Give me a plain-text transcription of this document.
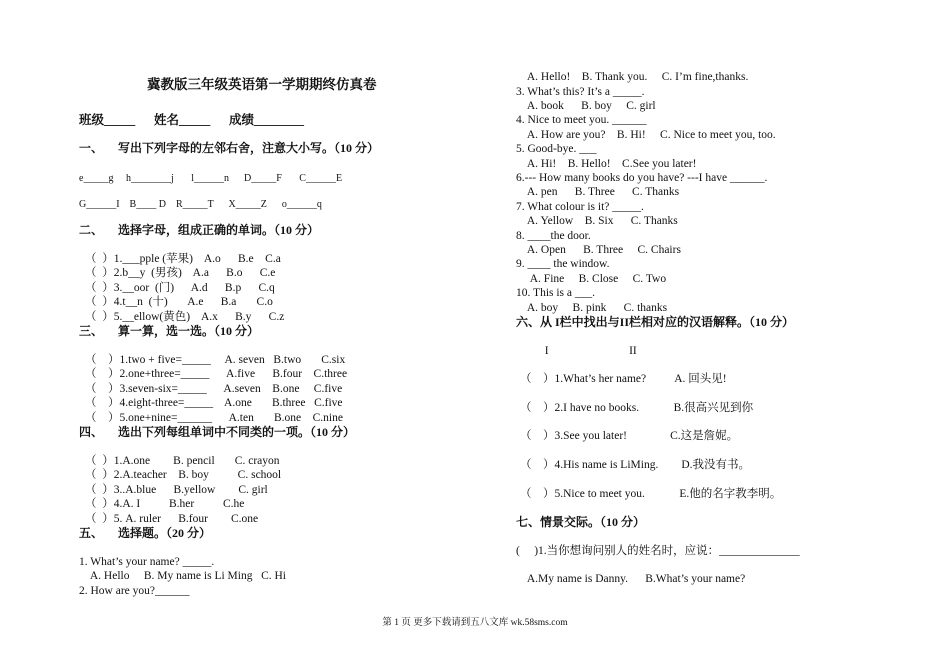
冀教版三年级英语第一学期期终仿真卷
班级_____      姓名_____      成绩________
一、     写出下列字母的左邻右舍，注意大小写。（10 分）
e_____g     h________j       l______n      D_____F       C______E
G______I    B____ D    R_____T      X_____Z      o______q
二、     选择字母，组成正确的单词。（10 分）
（  ）1.___pple (苹果)    A.o      B.e    C.a
（  ）2.b__y  (男孩)    A.a      B.o      C.e
（  ）3.__oor  (门)      A.d      B.p      C.q
（  ）4.t__n  (十)       A.e      B.a       C.o
（  ）5.__ellow(黄色)    A.x      B.y      C.z
三、     算一算，选一选。（10 分）
（    ）1.two + five=_____     A. seven   B.two       C.six
（    ）2.one+three=_____      A.five      B.four    C.three
（    ）3.seven-six=_____      A.seven    B.one     C.five
（    ）4.eight-three=_____    A.one       B.three   C.five
（    ）5.one+nine=______      A.ten       B.one    C.nine
四、     选出下列每组单词中不同类的一项。（10 分）
（  ）1.A.one        B. pencil       C. crayon
（  ）2.A.teacher    B. boy          C. school
（  ）3..A.blue      B.yellow        C. girl
（  ）4.A. I          B.her          C.he
（  ）5. A. ruler      B.four        C.one
五、     选择题。（20 分）
1. What’s your name? _____.
A. Hello     B. My name is Li Ming   C. Hi
2. How are you?______
A. Hello!    B. Thank you.     C. I’m fine,thanks.
3. What’s this? It’s a _____.
A. book      B. boy     C. girl
4. Nice to meet you. ______
A. How are you?    B. Hi!     C. Nice to meet you, too.
5. Good-bye. ___
A. Hi!    B. Hello!    C.See you later!
6.--- How many books do you have? ---I have ______.
A. pen      B. Three      C. Thanks
7. What colour is it? _____.
A. Yellow    B. Six      C. Thanks
8. ____the door.
A. Open      B. Three     C. Chairs
9. ____ the window.
A. Fine     B. Close     C. Two
10. This is a ___.
A. boy     B. pink      C. thanks
六、从 I栏中找出与II栏相对应的汉语解释。（10 分）
I                            II
（    ）1.What’s her name?          A. 回头见!
（    ）2.I have no books.            B.很高兴见到你
（    ）3.See you later!               C.这是詹妮。
（    ）4.His name is LiMing.        D.我没有书。
（    ）5.Nice to meet you.            E.他的名字教李明。
七、情景交际。（10 分）
(     )1.当你想询问别人的姓名时，应说：______________
A.My name is Danny.      B.What’s your name?
第 1 页 更多下载请到五八文库 wk.58sms.com
